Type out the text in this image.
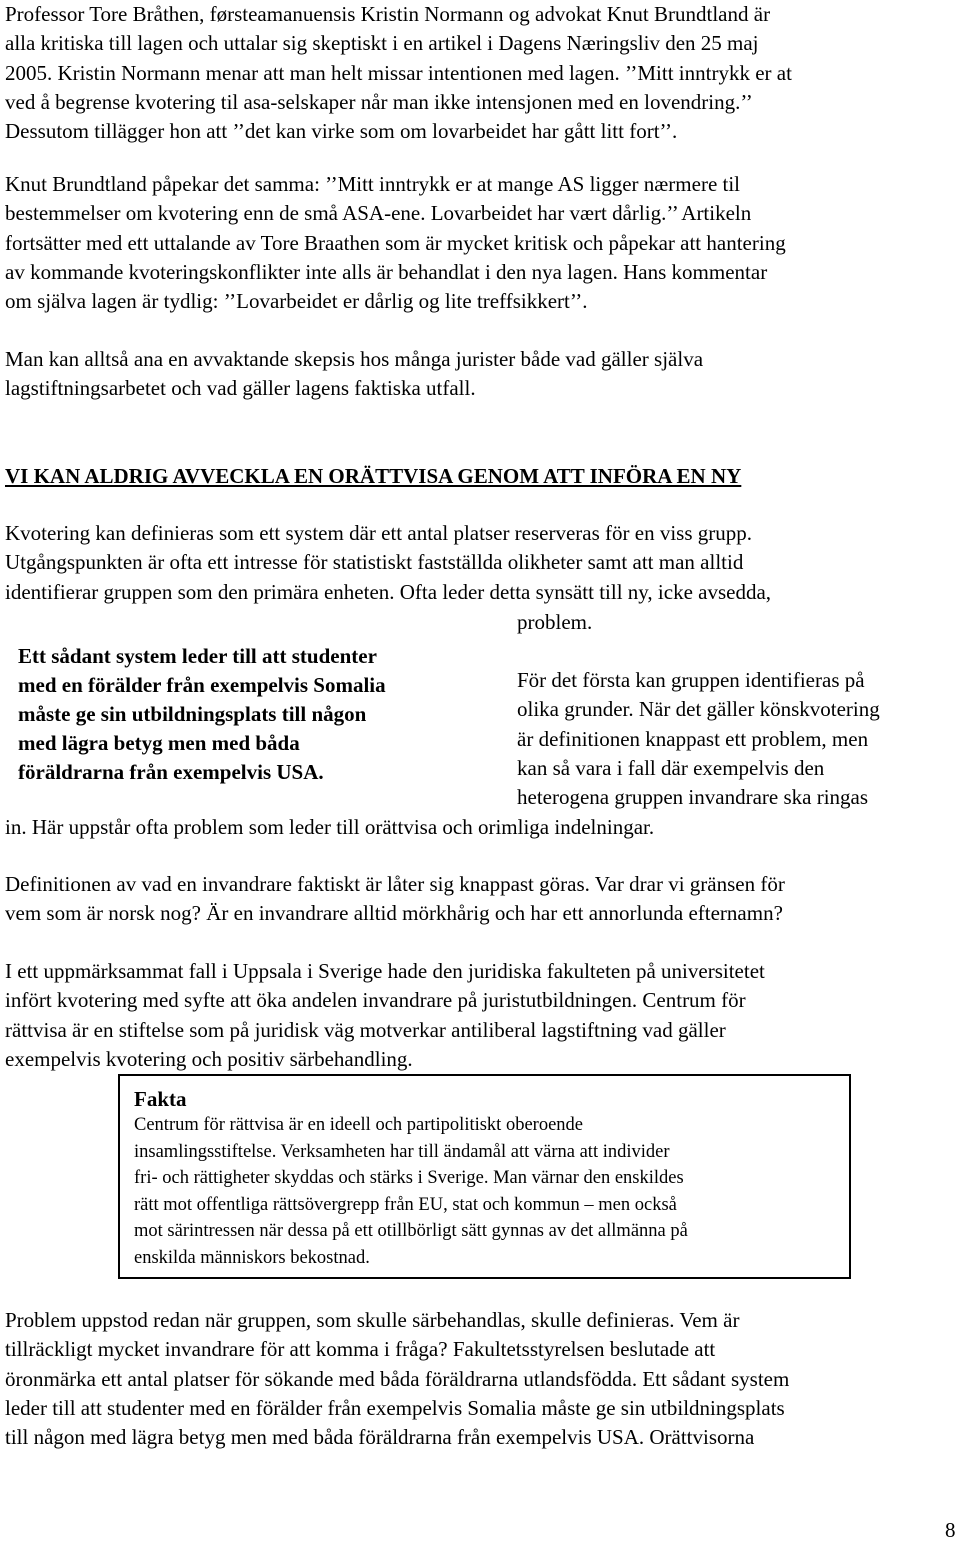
Professor Tore Bråthen, førsteamanuensis Kristin Normann og advokat Knut Brundtland är
alla kritiska till lagen och uttalar sig skeptiskt i en artikel i Dagens Næringsliv den 25 maj
2005. Kristin Normann menar att man helt missar intentionen med lagen. ’’Mitt inntrykk er at
ved å begrense kvotering til asa-selskaper når man ikke intensjonen med en lovendring.’’
Dessutom tillägger hon att ’’det kan virke som om lovarbeidet har gått litt fort’’.
Knut Brundtland påpekar det samma: ’’Mitt inntrykk er at mange AS ligger nærmere til
bestemmelser om kvotering enn de små ASA-ene. Lovarbeidet har vært dårlig.’’ Artikeln
fortsätter med ett uttalande av Tore Braathen som är mycket kritisk och påpekar att hantering
av kommande kvoteringskonflikter inte alls är behandlat i den nya lagen. Hans kommentar
om själva lagen är tydlig: ’’Lovarbeidet er dårlig og lite treffsikkert’’.
Man kan alltså ana en avvaktande skepsis hos många jurister både vad gäller själva
lagstiftningsarbetet och vad gäller lagens faktiska utfall.
VI KAN ALDRIG AVVECKLA EN ORÄTTVISA GENOM ATT INFÖRA EN NY
Kvotering kan definieras som ett system där ett antal platser reserveras för en viss grupp.
Utgångspunkten är ofta ett intresse för statistiskt fastställda olikheter samt att man alltid
identifierar gruppen som den primära enheten. Ofta leder detta synsätt till ny, icke avsedda,
problem.
Ett sådant system leder till att studenter
med en förälder från exempelvis Somalia
måste ge sin utbildningsplats till någon
med lägra betyg men med båda
föräldrarna från exempelvis USA.
För det första kan gruppen identifieras på
olika grunder. När det gäller könskvotering
är definitionen knappast ett problem, men
kan så vara i fall där exempelvis den
heterogena gruppen invandrare ska ringas
in. Här uppstår ofta problem som leder till orättvisa och orimliga indelningar.
Definitionen av vad en invandrare faktiskt är låter sig knappast göras. Var drar vi gränsen för
vem som är norsk nog? Är en invandrare alltid mörkhårig och har ett annorlunda efternamn?
I ett uppmärksammat fall i Uppsala i Sverige hade den juridiska fakulteten på universitetet
infört kvotering med syfte att öka andelen invandrare på juristutbildningen. Centrum för
rättvisa är en stiftelse som på juridisk väg motverkar antiliberal lagstiftning vad gäller
exempelvis kvotering och positiv särbehandling.
Fakta
Centrum för rättvisa är en ideell och partipolitiskt oberoende
insamlingsstiftelse. Verksamheten har till ändamål att värna att individer
fri- och rättigheter skyddas och stärks i Sverige. Man värnar den enskildes
rätt mot offentliga rättsövergrepp från EU, stat och kommun – men också
mot särintressen när dessa på ett otillbörligt sätt gynnas av det allmänna på
enskilda människors bekostnad.
Problem uppstod redan när gruppen, som skulle särbehandlas, skulle definieras. Vem är
tillräckligt mycket invandrare för att komma i fråga? Fakultetsstyrelsen beslutade att
öronmärka ett antal platser för sökande med båda föräldrarna utlandsfödda. Ett sådant system
leder till att studenter med en förälder från exempelvis Somalia måste ge sin utbildningsplats
till någon med lägra betyg men med båda föräldrarna från exempelvis USA. Orättvisorna
8
